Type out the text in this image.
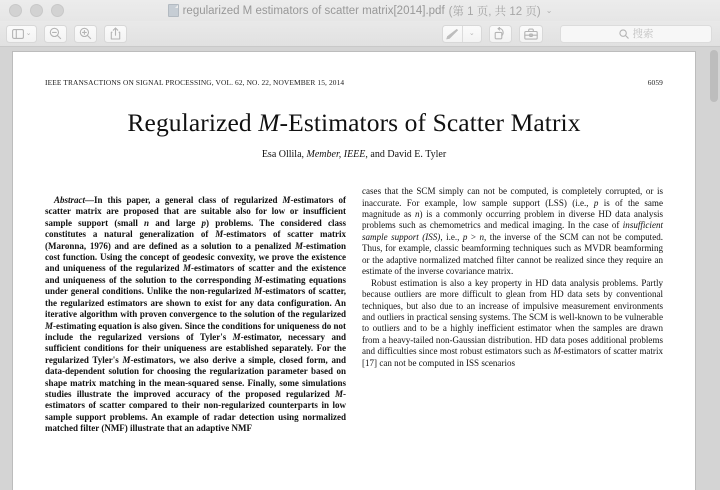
regularized M estimators of scatter matrix[2014].pdf (第 1 页, 共 12 页) ⌄
⌄	⌄	搜索
IEEE TRANSACTIONS ON SIGNAL PROCESSING, VOL. 62, NO. 22, NOVEMBER 15, 2014	6059
Regularized M-Estimators of Scatter Matrix
Esa Ollila, Member, IEEE, and David E. Tyler

Abstract—In this paper, a general class of regularized M-estimators of scatter matrix are proposed that are suitable also for low or insufficient sample support (small n and large p) problems. The considered class constitutes a natural generalization of M-estimators of scatter matrix (Maronna, 1976) and are defined as a solution to a penalized M-estimation cost function. Using the concept of geodesic convexity, we prove the existence and uniqueness of the regularized M-estimators of scatter and the existence and uniqueness of the solution to the corresponding M-estimating equations under general conditions. Unlike the non-regularized M-estimators of scatter, the regularized estimators are shown to exist for any data configuration. An iterative algorithm with proven convergence to the solution of the regularized M-estimating equation is also given. Since the conditions for uniqueness do not include the regularized versions of Tyler's M-estimator, necessary and sufficient conditions for their uniqueness are established separately. For the regularized Tyler's M-estimators, we also derive a simple, closed form, and data-dependent solution for choosing the regularization parameter based on shape matrix matching in the mean-squared sense. Finally, some simulations studies illustrate the improved accuracy of the proposed regularized M-estimators of scatter compared to their non-regularized counterparts in low sample support problems. An example of radar detection using normalized matched filter (NMF) illustrate that an adaptive NMF

cases that the SCM simply can not be computed, is completely corrupted, or is inaccurate. For example, low sample support (LSS) (i.e., p is of the same magnitude as n) is a commonly occurring problem in diverse HD data analysis problems such as chemometrics and medical imaging. In the case of insufficient sample support (ISS), i.e., p > n, the inverse of the SCM can not be computed. Thus, for example, classic beamforming techniques such as MVDR beamforming or the adaptive normalized matched filter cannot be realized since they require an estimate of the inverse covariance matrix.

Robust estimation is also a key property in HD data analysis problems. Partly because outliers are more difficult to glean from HD data sets by conventional techniques, but also due to an increase of impulsive measurement environments and outliers in practical sensing systems. The SCM is well-known to be vulnerable to outliers and to be a highly inefficient estimator when the samples are drawn from a heavy-tailed non-Gaussian distribution. HD data poses additional problems and difficulties since most robust estimators such as M-estimators of scatter matrix [17] can not be computed in ISS scenarios
